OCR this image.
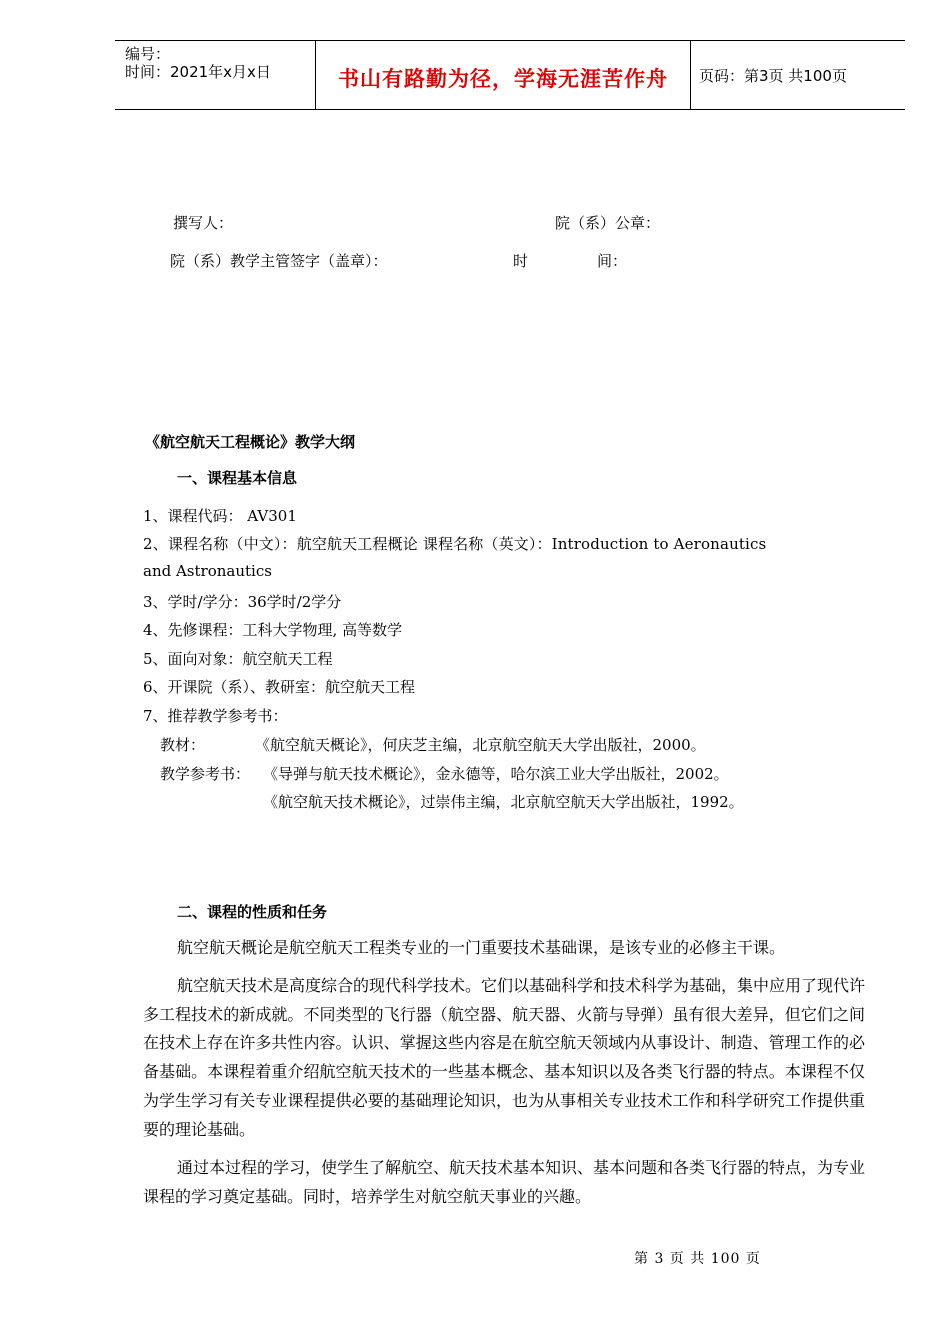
编号：
时间：2021年x月x日	书山有路勤为径，学海无涯苦作舟	页码：第3页 共100页
撰写人：	院（系）公章：
院（系）教学主管签字（盖章）：	时	间：
《航空航天工程概论》教学大纲
一、课程基本信息
1、课程代码： AV301
2、课程名称（中文）：航空航天工程概论 课程名称（英文）：Introduction to Aeronautics
and Astronautics
3、学时/学分：36学时/2学分
4、先修课程：工科大学物理, 高等数学
5、面向对象：航空航天工程
6、开课院（系）、教研室：航空航天工程
7、推荐教学参考书：
教材：	《航空航天概论》，何庆芝主编，北京航空航天大学出版社，2000。
教学参考书： 《导弹与航天技术概论》，金永德等，哈尔滨工业大学出版社，2002。
《航空航天技术概论》，过崇伟主编，北京航空航天大学出版社，1992。
二、课程的性质和任务
航空航天概论是航空航天工程类专业的一门重要技术基础课，是该专业的必修主干课。
航空航天技术是高度综合的现代科学技术。它们以基础科学和技术科学为基础，集中应用了现代许多工程技术的新成就。不同类型的飞行器（航空器、航天器、火箭与导弹）虽有很大差异，但它们之间在技术上存在许多共性内容。认识、掌握这些内容是在航空航天领域内从事设计、制造、管理工作的必备基础。本课程着重介绍航空航天技术的一些基本概念、基本知识以及各类飞行器的特点。本课程不仅为学生学习有关专业课程提供必要的基础理论知识，也为从事相关专业技术工作和科学研究工作提供重要的理论基础。
通过本过程的学习，使学生了解航空、航天技术基本知识、基本问题和各类飞行器的特点，为专业课程的学习奠定基础。同时，培养学生对航空航天事业的兴趣。
第 3 页 共 100 页
